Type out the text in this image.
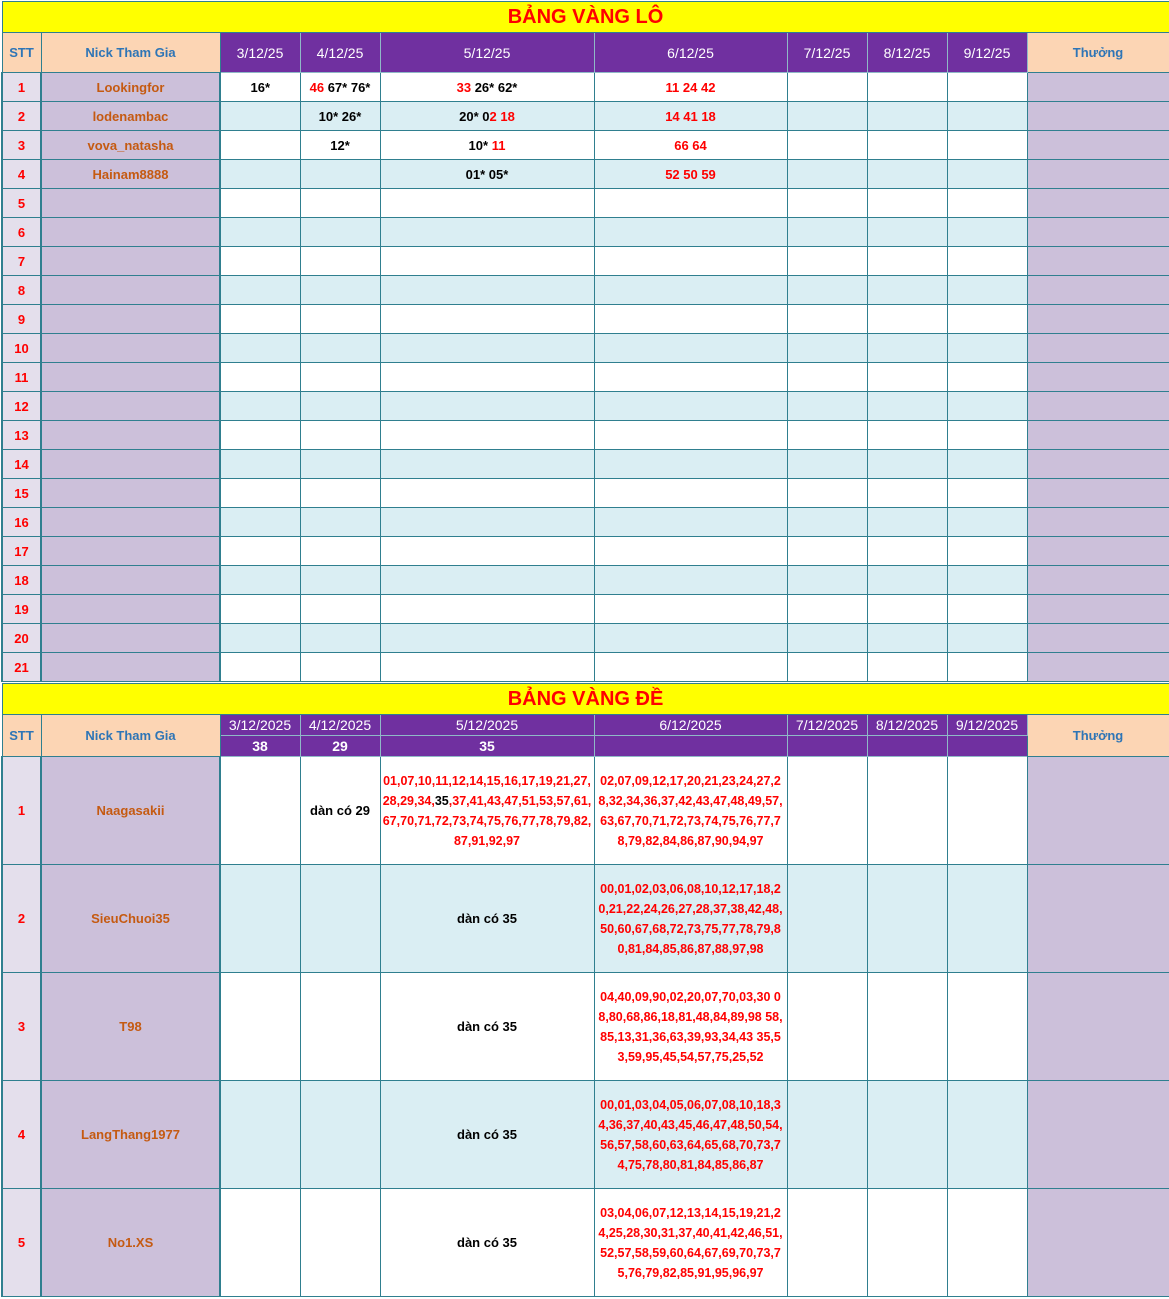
BẢNG VÀNG LÔ									
STT	Nick Tham Gia	3/12/25	4/12/25	5/12/25	6/12/25	7/12/25	8/12/25	9/12/25	Thưởng
1	Lookingfor	16*	46 67* 76*	33 26* 62*	11 24 42				
2	lodenambac		10* 26*	20* 02 18	14 41 18				
3	vova_natasha		12*	10* 11	66 64				
4	Hainam8888			01* 05*	52 50 59				
5									
6									
7									
8									
9									
10									
11									
12									
13									
14									
15									
16									
17									
18									
19									
20									
21									
BẢNG VÀNG ĐỀ									
STT	Nick Tham Gia	3/12/2025	4/12/2025	5/12/2025	6/12/2025	7/12/2025	8/12/2025	9/12/2025	Thưởng
		38	29	35					
1	Naagasakii		dàn có 29	01,07,10,11,12,14,15,16,17,19,21,27,28,29,34,35,37,41,43,47,51,53,57,61,67,70,71,72,73,74,75,76,77,78,79,82,87,91,92,97	02,07,09,12,17,20,21,23,24,27,28,32,34,36,37,42,43,47,48,49,57,63,67,70,71,72,73,74,75,76,77,78,79,82,84,86,87,90,94,97				
2	SieuChuoi35			dàn có 35	00,01,02,03,06,08,10,12,17,18,20,21,22,24,26,27,28,37,38,42,48,50,60,67,68,72,73,75,77,78,79,80,81,84,85,86,87,88,97,98				
3	T98			dàn có 35	04,40,09,90,02,20,07,70,03,30 08,80,68,86,18,81,48,84,89,98 58,85,13,31,36,63,39,93,34,43 35,53,59,95,45,54,57,75,25,52				
4	LangThang1977			dàn có 35	00,01,03,04,05,06,07,08,10,18,34,36,37,40,43,45,46,47,48,50,54,56,57,58,60,63,64,65,68,70,73,74,75,78,80,81,84,85,86,87				
5	No1.XS			dàn có 35	03,04,06,07,12,13,14,15,19,21,24,25,28,30,31,37,40,41,42,46,51,52,57,58,59,60,64,67,69,70,73,75,76,79,82,85,91,95,96,97				
